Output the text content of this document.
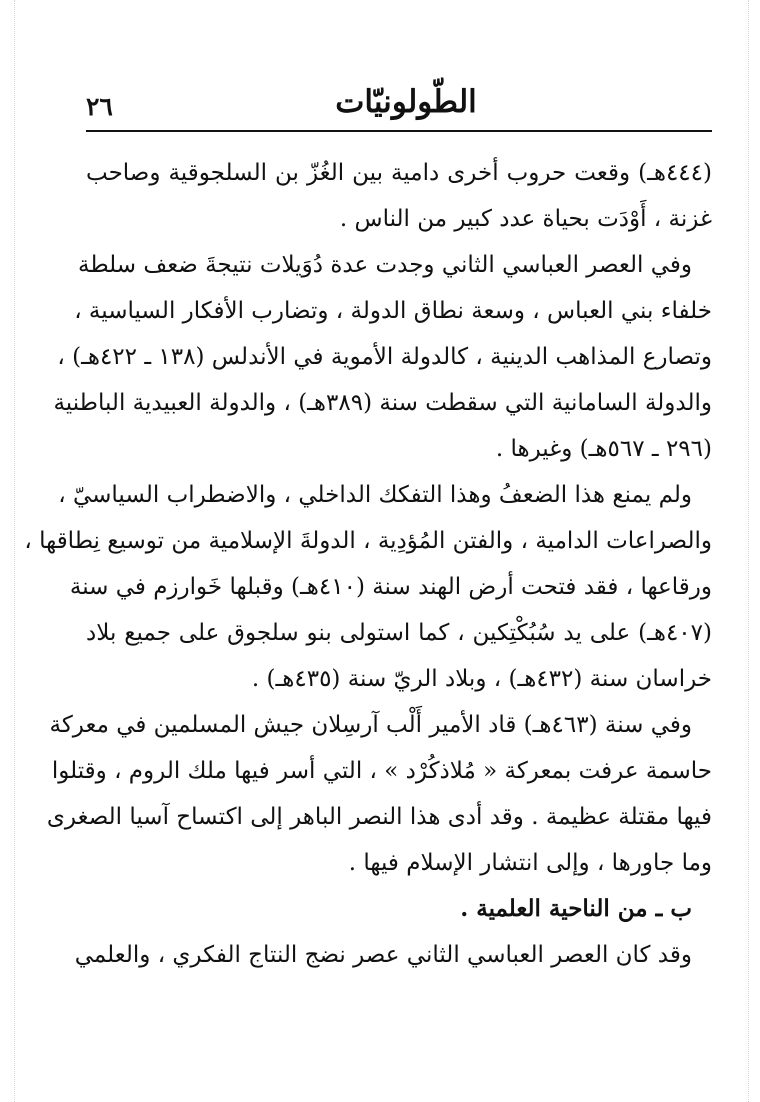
٢٦	الطّولونيّات
(٤٤٤هـ) وقعت حروب أخرى دامية بين الغُزّ بن السلجوقية وصاحب
غزنة ، أَوْدَت بحياة عدد كبير من الناس .
وفي العصر العباسي الثاني وجدت عدة دُوَيلات نتيجةَ ضعف سلطة
خلفاء بني العباس ، وسعة نطاق الدولة ، وتضارب الأفكار السياسية ،
وتصارع المذاهب الدينية ، كالدولة الأموية في الأندلس (١٣٨ ـ ٤٢٢هـ) ،
والدولة السامانية التي سقطت سنة (٣٨٩هـ) ، والدولة العبيدية الباطنية
(٢٩٦ ـ ٥٦٧هـ) وغيرها .
ولم يمنع هذا الضعفُ وهذا التفكك الداخلي ، والاضطراب السياسيّ ،
والصراعات الدامية ، والفتن المُؤدِية ، الدولةَ الإسلامية من توسيع نِطاقها ،
ورقاعها ، فقد فتحت أرض الهند سنة (٤١٠هـ) وقبلها خَوارزم في سنة
(٤٠٧هـ) على يد سُبُكْتِكين ، كما استولى بنو سلجوق على جميع بلاد
خراسان سنة (٤٣٢هـ) ، وبلاد الريّ سنة (٤٣٥هـ) .
وفي سنة (٤٦٣هـ) قاد الأمير أَلْب آرسِلان جيش المسلمين في معركة
حاسمة عرفت بمعركة « مُلاذكُرْد » ، التي أسر فيها ملك الروم ، وقتلوا
فيها مقتلة عظيمة . وقد أدى هذا النصر الباهر إلى اكتساح آسيا الصغرى
وما جاورها ، وإلى انتشار الإسلام فيها .
ب ـ من الناحية العلمية .
وقد كان العصر العباسي الثاني عصر نضج النتاج الفكري ، والعلمي
